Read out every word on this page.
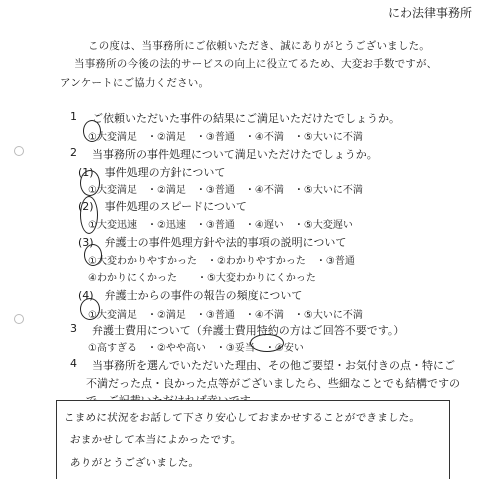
にわ法律事務所
この度は、当事務所にご依頼いただき、誠にありがとうございました。
当事務所の今後の法的サービスの向上に役立てるため、大変お手数ですが、
アンケートにご協力ください。
1 ご依頼いただいた事件の結果にご満足いただけたでしょうか。
①大変満足　・②満足　・③普通　・④不満　・⑤大いに不満
2 当事務所の事件処理について満足いただけたでしょうか。
(1)　事件処理の方針について
①大変満足　・②満足　・③普通　・④不満　・⑤大いに不満
(2)　事件処理のスピードについて
①大変迅速　・②迅速　・③普通　・④遅い　・⑤大変遅い
(3)　弁護士の事件処理方針や法的事項の説明について
①大変わかりやすかった　・②わかりやすかった　・③普通
④わかりにくかった　　・⑤大変わかりにくかった
(4)　弁護士からの事件の報告の頻度について
①大変満足　・②満足　・③普通　・④不満　・⑤大いに不満
3 弁護士費用について（弁護士費用特約の方はご回答不要です。）
①高すぎる　・②やや高い　・③妥当　・④安い
4 当事務所を選んでいただいた理由、その他ご要望・お気付きの点・特にご
不満だった点・良かった点等がございましたら、些細なことでも結構ですの
こまめに状況をお話して下さり安心しておまかせすることができました。
おまかせして本当によかったです。
ありがとうございました。
